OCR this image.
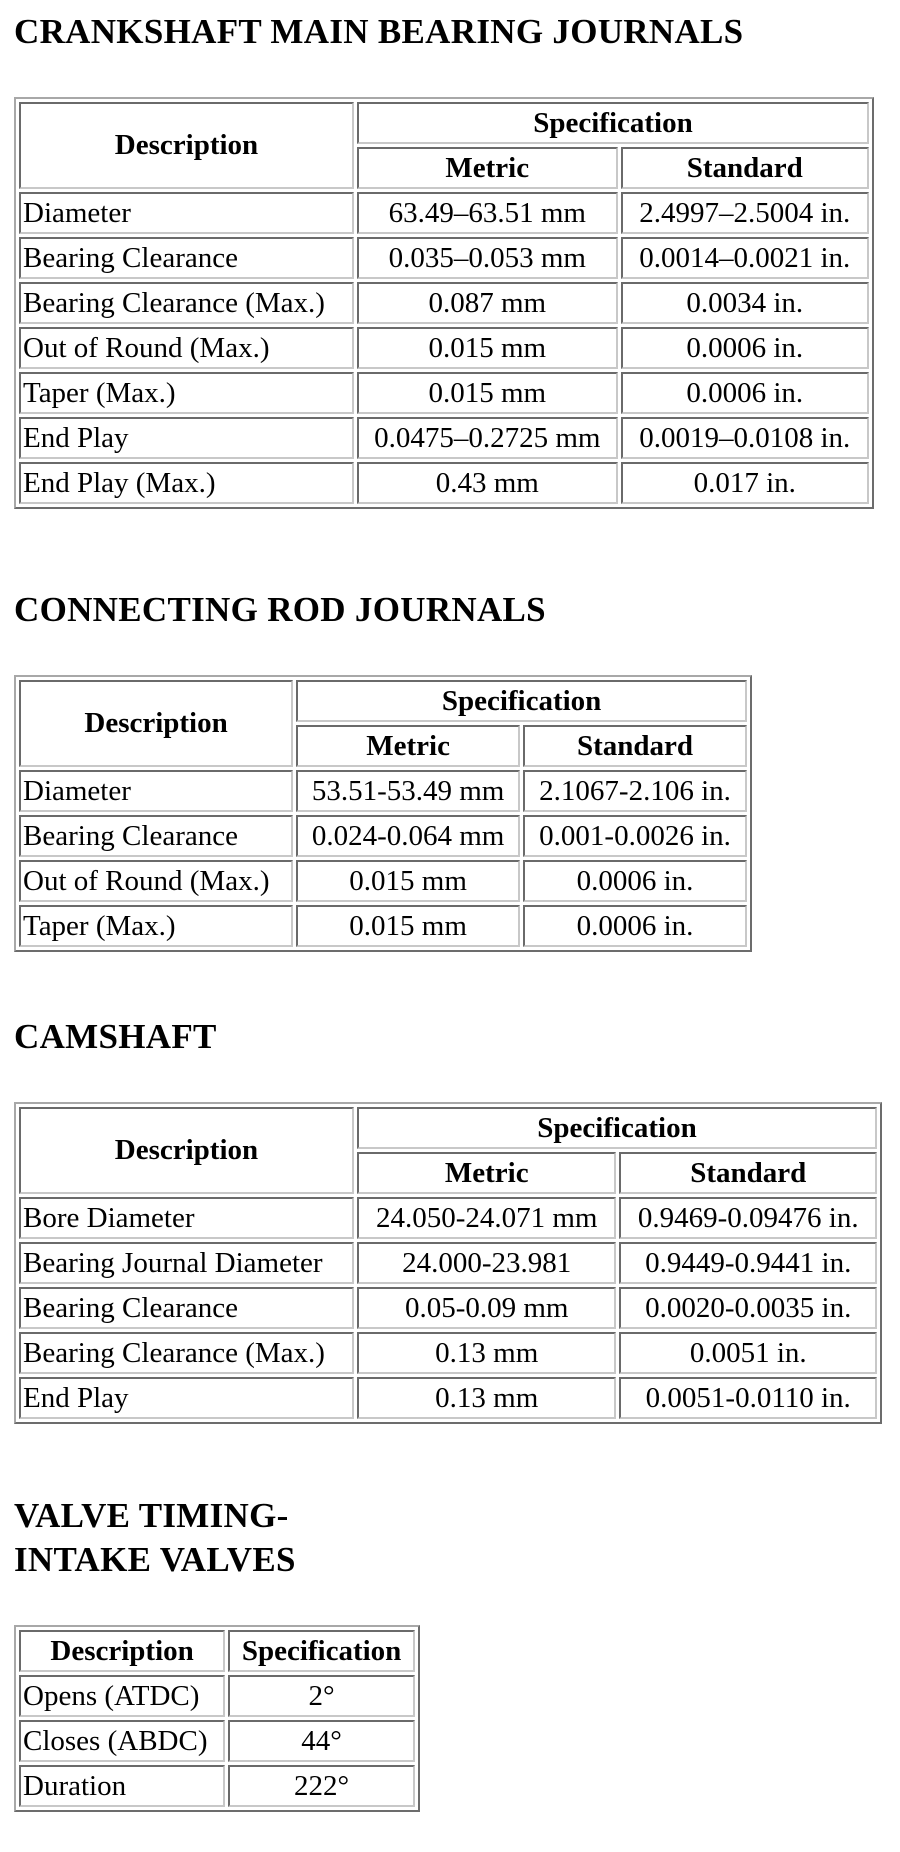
CRANKSHAFT MAIN BEARING JOURNALS
Description	Specification	
	Metric	Standard
Diameter	63.49–63.51 mm	2.4997–2.5004 in.
Bearing Clearance	0.035–0.053 mm	0.0014–0.0021 in.
Bearing Clearance (Max.)	0.087 mm	0.0034 in.
Out of Round (Max.)	0.015 mm	0.0006 in.
Taper (Max.)	0.015 mm	0.0006 in.
End Play	0.0475–0.2725 mm	0.0019–0.0108 in.
End Play (Max.)	0.43 mm	0.017 in.
CONNECTING ROD JOURNALS
Description	Specification	
	Metric	Standard
Diameter	53.51-53.49 mm	2.1067-2.106 in.
Bearing Clearance	0.024-0.064 mm	0.001-0.0026 in.
Out of Round (Max.)	0.015 mm	0.0006 in.
Taper (Max.)	0.015 mm	0.0006 in.
CAMSHAFT
Description	Specification	
	Metric	Standard
Bore Diameter	24.050-24.071 mm	0.9469-0.09476 in.
Bearing Journal Diameter	24.000-23.981	0.9449-0.9441 in.
Bearing Clearance	0.05-0.09 mm	0.0020-0.0035 in.
Bearing Clearance (Max.)	0.13 mm	0.0051 in.
End Play	0.13 mm	0.0051-0.0110 in.
VALVE TIMING-
INTAKE VALVES
Description	Specification
Opens (ATDC)	2°
Closes (ABDC)	44°
Duration	222°
